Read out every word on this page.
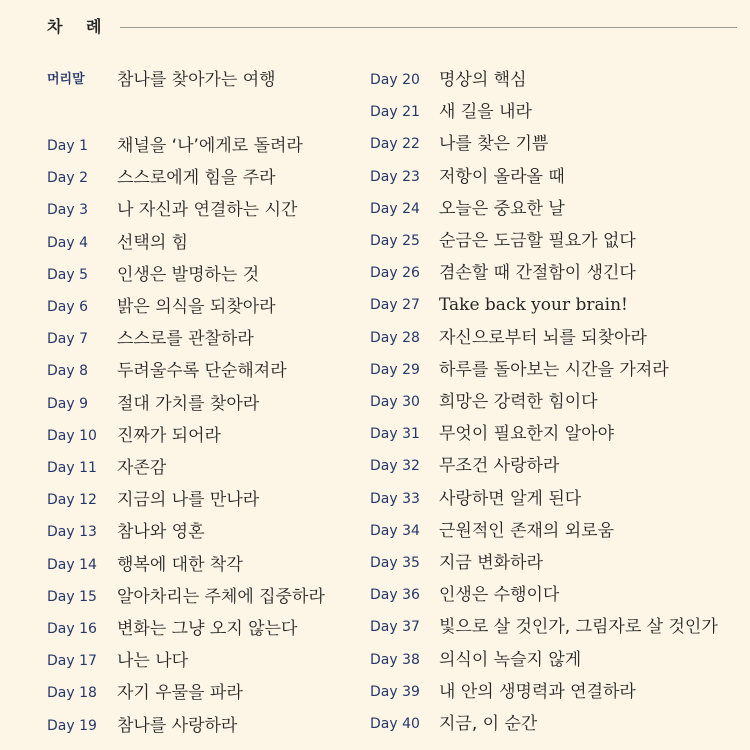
차 례
머리말 참나를 찾아가는 여행
Day 1 채널을 ‘나’에게로 돌려라
Day 2 스스로에게 힘을 주라
Day 3 나 자신과 연결하는 시간
Day 4 선택의 힘
Day 5 인생은 발명하는 것
Day 6 밝은 의식을 되찾아라
Day 7 스스로를 관찰하라
Day 8 두려울수록 단순해져라
Day 9 절대 가치를 찾아라
Day 10 진짜가 되어라
Day 11 자존감
Day 12 지금의 나를 만나라
Day 13 참나와 영혼
Day 14 행복에 대한 착각
Day 15 알아차리는 주체에 집중하라
Day 16 변화는 그냥 오지 않는다
Day 17 나는 나다
Day 18 자기 우물을 파라
Day 19 참나를 사랑하라
Day 20 명상의 핵심
Day 21 새 길을 내라
Day 22 나를 찾은 기쁨
Day 23 저항이 올라올 때
Day 24 오늘은 중요한 날
Day 25 순금은 도금할 필요가 없다
Day 26 겸손할 때 간절함이 생긴다
Day 27 Take back your brain!
Day 28 자신으로부터 뇌를 되찾아라
Day 29 하루를 돌아보는 시간을 가져라
Day 30 희망은 강력한 힘이다
Day 31 무엇이 필요한지 알아야
Day 32 무조건 사랑하라
Day 33 사랑하면 알게 된다
Day 34 근원적인 존재의 외로움
Day 35 지금 변화하라
Day 36 인생은 수행이다
Day 37 빛으로 살 것인가, 그림자로 살 것인가
Day 38 의식이 녹슬지 않게
Day 39 내 안의 생명력과 연결하라
Day 40 지금, 이 순간
